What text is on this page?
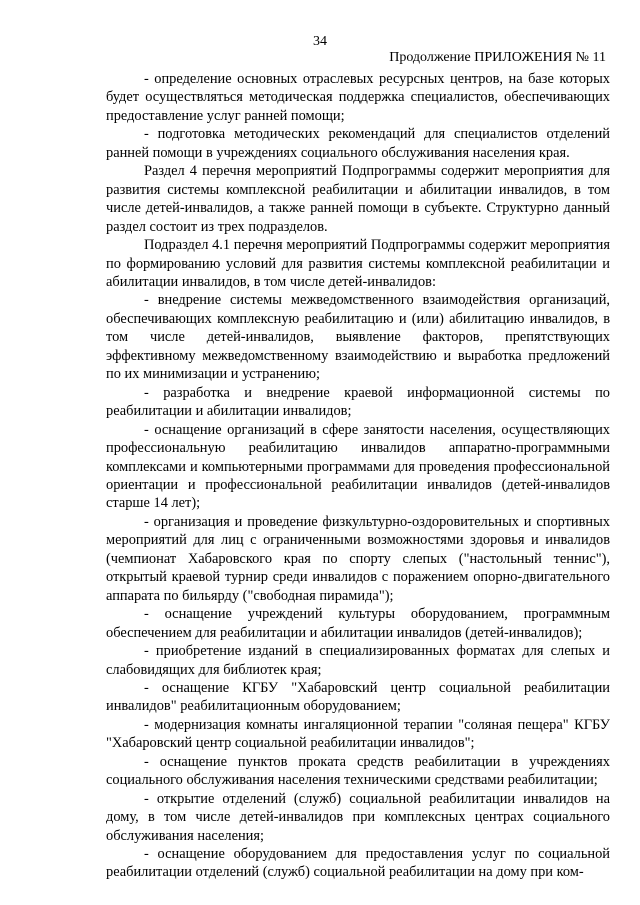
34
Продолжение ПРИЛОЖЕНИЯ № 11

- определение основных отраслевых ресурсных центров, на базе которых будет осуществляться методическая поддержка специалистов, обеспечивающих предоставление услуг ранней помощи;

- подготовка методических рекомендаций для специалистов отделений ранней помощи в учреждениях социального обслуживания населения края.

Раздел 4 перечня мероприятий Подпрограммы содержит мероприятия для развития системы комплексной реабилитации и абилитации инвалидов, в том числе детей-инвалидов, а также ранней помощи в субъекте. Структурно данный раздел состоит из трех подразделов.

Подраздел 4.1 перечня мероприятий Подпрограммы содержит мероприятия по формированию условий для развития системы комплексной реабилитации и абилитации инвалидов, в том числе детей-инвалидов:

- внедрение системы межведомственного взаимодействия организаций, обеспечивающих комплексную реабилитацию и (или) абилитацию инвалидов, в том числе детей-инвалидов, выявление факторов, препятствующих эффективному межведомственному взаимодействию и выработка предложений по их минимизации и устранению;

- разработка и внедрение краевой информационной системы по реабилитации и абилитации инвалидов;

- оснащение организаций в сфере занятости населения, осуществляющих профессиональную реабилитацию инвалидов аппаратно-программными комплексами и компьютерными программами для проведения профессиональной ориентации и профессиональной реабилитации инвалидов (детей-инвалидов старше 14 лет);

- организация и проведение физкультурно-оздоровительных и спортивных мероприятий для лиц с ограниченными возможностями здоровья и инвалидов (чемпионат Хабаровского края по спорту слепых ("настольный теннис"), открытый краевой турнир среди инвалидов с поражением опорно-двигательного аппарата по бильярду ("свободная пирамида");

- оснащение учреждений культуры оборудованием, программным обеспечением для реабилитации и абилитации инвалидов (детей-инвалидов);

- приобретение изданий в специализированных форматах для слепых и слабовидящих для библиотек края;

- оснащение КГБУ "Хабаровский центр социальной реабилитации инвалидов" реабилитационным оборудованием;

- модернизация комнаты ингаляционной терапии "соляная пещера" КГБУ "Хабаровский центр социальной реабилитации инвалидов";

- оснащение пунктов проката средств реабилитации в учреждениях социального обслуживания населения техническими средствами реабилитации;

- открытие отделений (служб) социальной реабилитации инвалидов на дому, в том числе детей-инвалидов при комплексных центрах социального обслуживания населения;

- оснащение оборудованием для предоставления услуг по социальной реабилитации отделений (служб) социальной реабилитации на дому при ком-
